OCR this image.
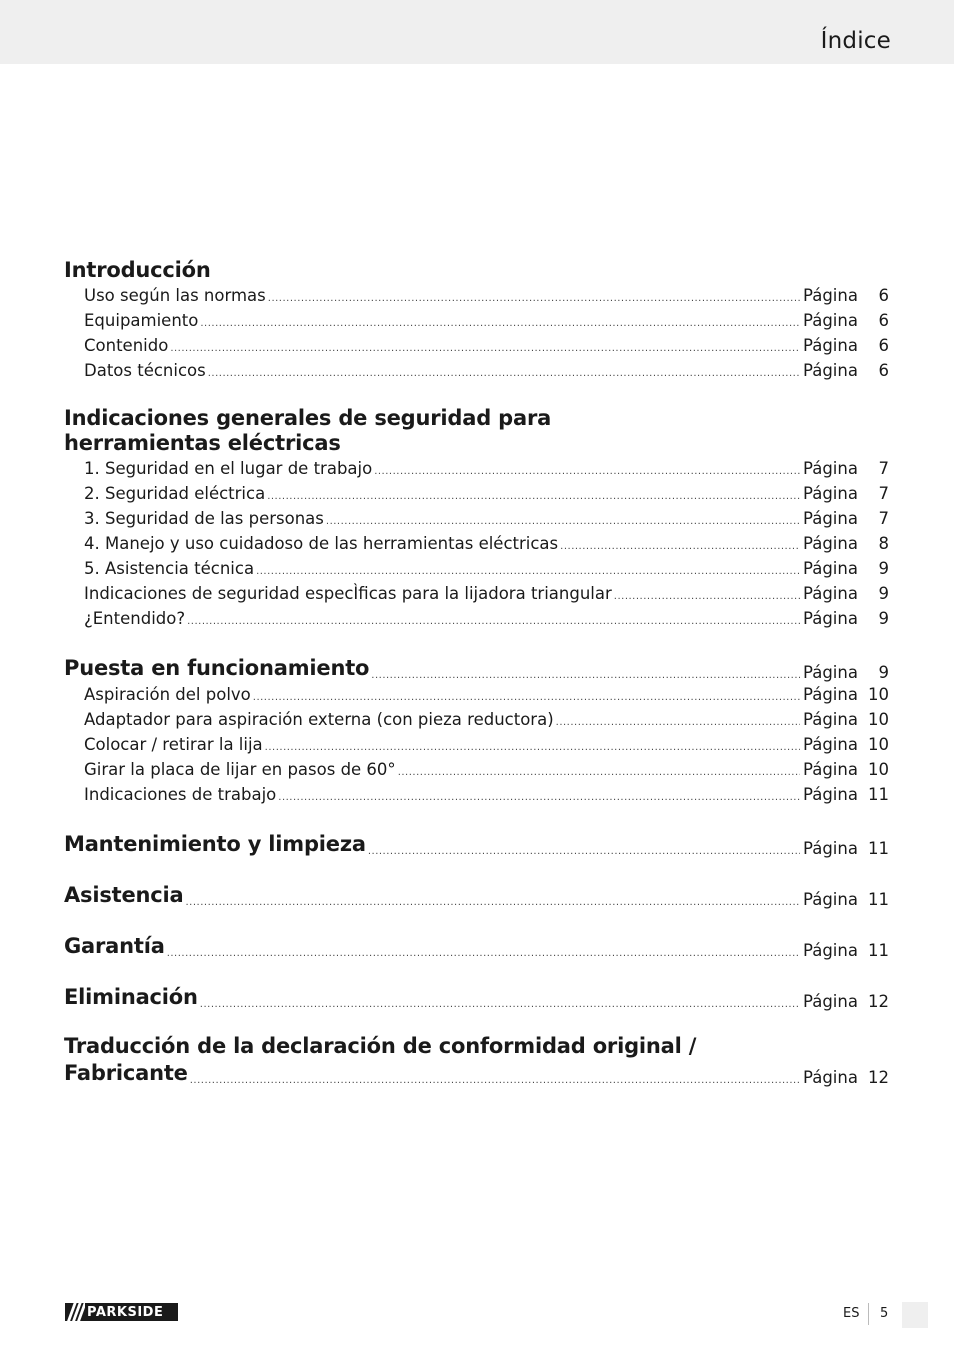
Índice
Introducción
Uso según las normas .....	Página	6
Equipamiento .....	Página	6
Contenido .....	Página	6
Datos técnicos .....	Página	6
Indicaciones generales de seguridad para
herramientas eléctricas
1. Seguridad en el lugar de trabajo .....	Página	7
2. Seguridad eléctrica .....	Página	7
3. Seguridad de las personas .....	Página	7
4. Manejo y uso cuidadoso de las herramientas eléctricas .....	Página	8
5. Asistencia técnica .....	Página	9
Indicaciones de seguridad especÌficas para la lijadora triangular .....	Página	9
¿Entendido? .....	Página	9
Puesta en funcionamiento .....	Página	9
Aspiración del polvo .....	Página 10
Adaptador para aspiración externa (con pieza reductora) .....	Página 10
Colocar / retirar la lija .....	Página 10
Girar la placa de lijar en pasos de 60° .....	Página 10
Indicaciones de trabajo .....	Página 11
Mantenimiento y limpieza .....	Página 11
Asistencia .....	Página 11
Garantía .....	Página 11
Eliminación .....	Página 12
Traducción de la declaración de conformidad original /
Fabricante .....	Página 12
PARKSIDE	ES 5
